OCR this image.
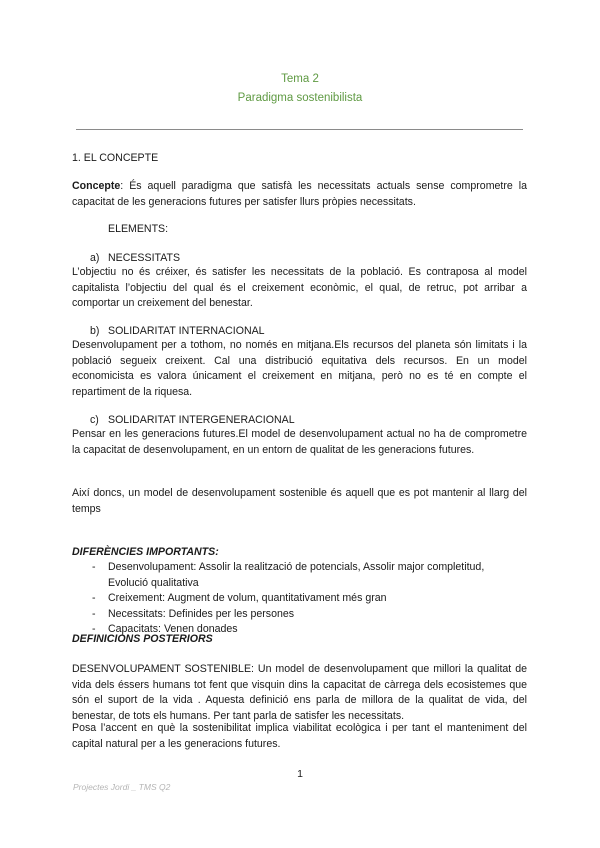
Tema 2
Paradigma sostenibilista

1. EL CONCEPTE

Concepte: És aquell paradigma que satisfà les necessitats actuals sense comprometre la capacitat de les generacions futures per satisfer llurs pròpies necessitats.

ELEMENTS:

a) NECESSITATS

L’objectiu no és créixer, és satisfer les necessitats de la població. Es contraposa al model capitalista l’objectiu del qual és el creixement econòmic, el qual, de retruc, pot arribar a comportar un creixement del benestar.

b) SOLIDARITAT INTERNACIONAL

Desenvolupament per a tothom, no només en mitjana.Els recursos del planeta són limitats i la població segueix creixent. Cal una distribució equitativa dels recursos. En un model economicista es valora únicament el creixement en mitjana, però no es té en compte el repartiment de la riquesa.

c) SOLIDARITAT INTERGENERACIONAL

Pensar en les generacions futures.El model de desenvolupament actual no ha de comprometre la capacitat de desenvolupament, en un entorn de qualitat de les generacions futures.

Així doncs, un model de desenvolupament sostenible és aquell que es pot mantenir al llarg del temps

DIFERÈNCIES IMPORTANTS:

- Desenvolupament: Assolir la realització de potencials, Assolir major completitud, Evolució qualitativa
- Creixement: Augment de volum, quantitativament més gran
- Necessitats: Definides per les persones
- Capacitats: Venen donades

DEFINICIONS POSTERIORS

DESENVOLUPAMENT SOSTENIBLE: Un model de desenvolupament que millori la qualitat de vida dels éssers humans tot fent que visquin dins la capacitat de càrrega dels ecosistemes que són el suport de la vida . Aquesta definició ens parla de millora de la qualitat de vida, del benestar, de tots els humans. Per tant parla de satisfer les necessitats.

Posa l’accent en què la sostenibilitat implica viabilitat ecològica i per tant el manteniment del capital natural per a les generacions futures.

1
Projectes Jordi _ TMS Q2
